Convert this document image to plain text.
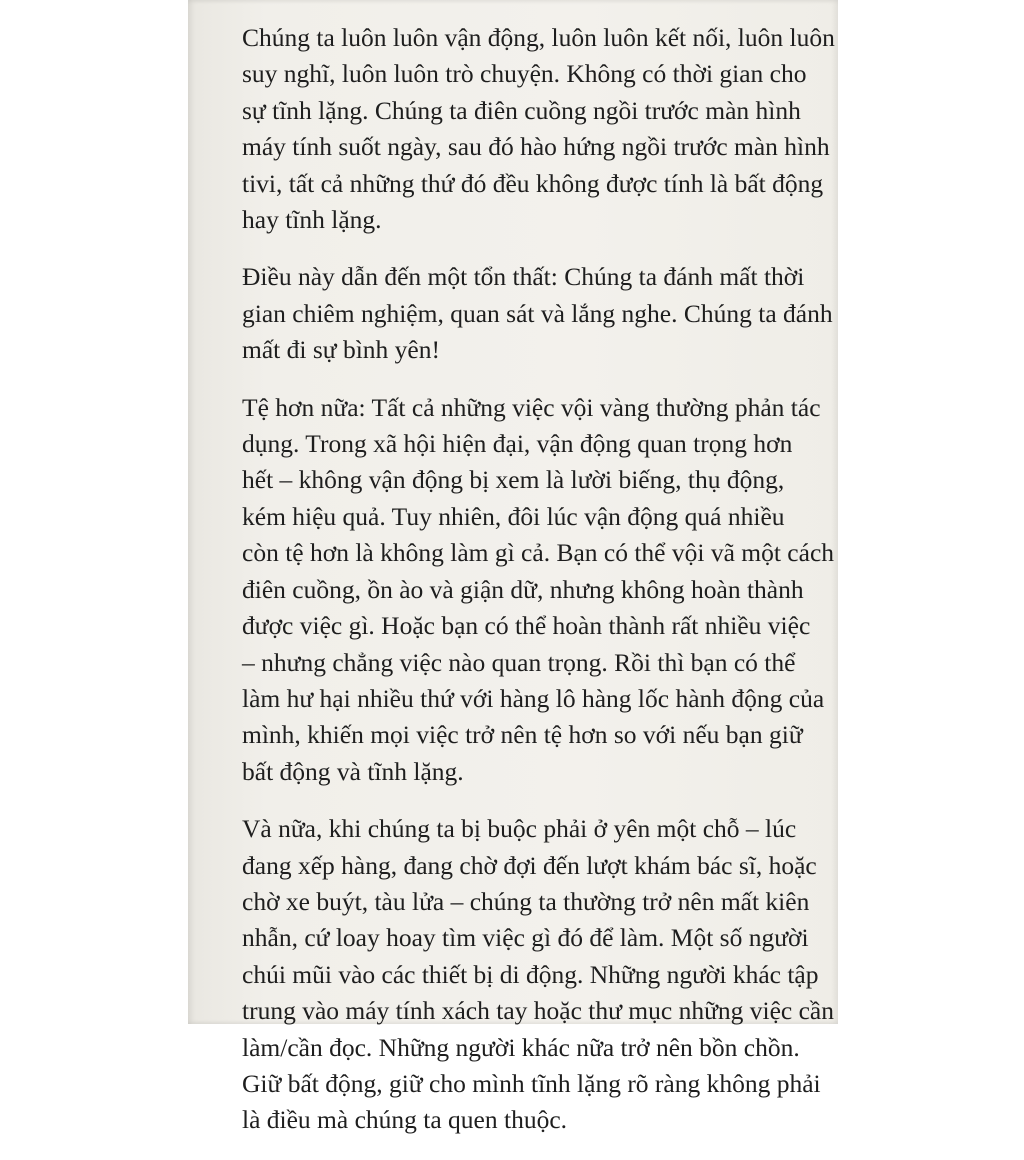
Chúng ta luôn luôn vận động, luôn luôn kết nối, luôn luôn
suy nghĩ, luôn luôn trò chuyện. Không có thời gian cho
sự tĩnh lặng. Chúng ta điên cuồng ngồi trước màn hình
máy tính suốt ngày, sau đó hào hứng ngồi trước màn hình
tivi, tất cả những thứ đó đều không được tính là bất động
hay tĩnh lặng.

Điều này dẫn đến một tổn thất: Chúng ta đánh mất thời
gian chiêm nghiệm, quan sát và lắng nghe. Chúng ta đánh
mất đi sự bình yên!

Tệ hơn nữa: Tất cả những việc vội vàng thường phản tác
dụng. Trong xã hội hiện đại, vận động quan trọng hơn
hết – không vận động bị xem là lười biếng, thụ động,
kém hiệu quả. Tuy nhiên, đôi lúc vận động quá nhiều
còn tệ hơn là không làm gì cả. Bạn có thể vội vã một cách
điên cuồng, ồn ào và giận dữ, nhưng không hoàn thành
được việc gì. Hoặc bạn có thể hoàn thành rất nhiều việc
– nhưng chẳng việc nào quan trọng. Rồi thì bạn có thể
làm hư hại nhiều thứ với hàng lô hàng lốc hành động của
mình, khiến mọi việc trở nên tệ hơn so với nếu bạn giữ
bất động và tĩnh lặng.

Và nữa, khi chúng ta bị buộc phải ở yên một chỗ – lúc
đang xếp hàng, đang chờ đợi đến lượt khám bác sĩ, hoặc
chờ xe buýt, tàu lửa – chúng ta thường trở nên mất kiên
nhẫn, cứ loay hoay tìm việc gì đó để làm. Một số người
chúi mũi vào các thiết bị di động. Những người khác tập
trung vào máy tính xách tay hoặc thư mục những việc cần
làm/cần đọc. Những người khác nữa trở nên bồn chồn.
Giữ bất động, giữ cho mình tĩnh lặng rõ ràng không phải
là điều mà chúng ta quen thuộc.
